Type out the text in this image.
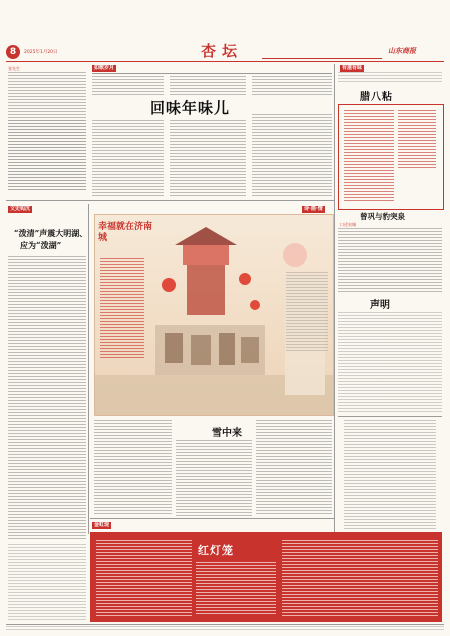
8	2025年1月20日	杏坛	山东商报
张先生	如歌岁月
回味年味儿
有滋有味
腊八粘
曾巩与豹突泉
口述泉城
声明
文史钩沉
“泼清”声震大明湖、
应为“泼湖”
诗·画·情
幸福就在济南城
雪中来
金虹现
红灯笼
